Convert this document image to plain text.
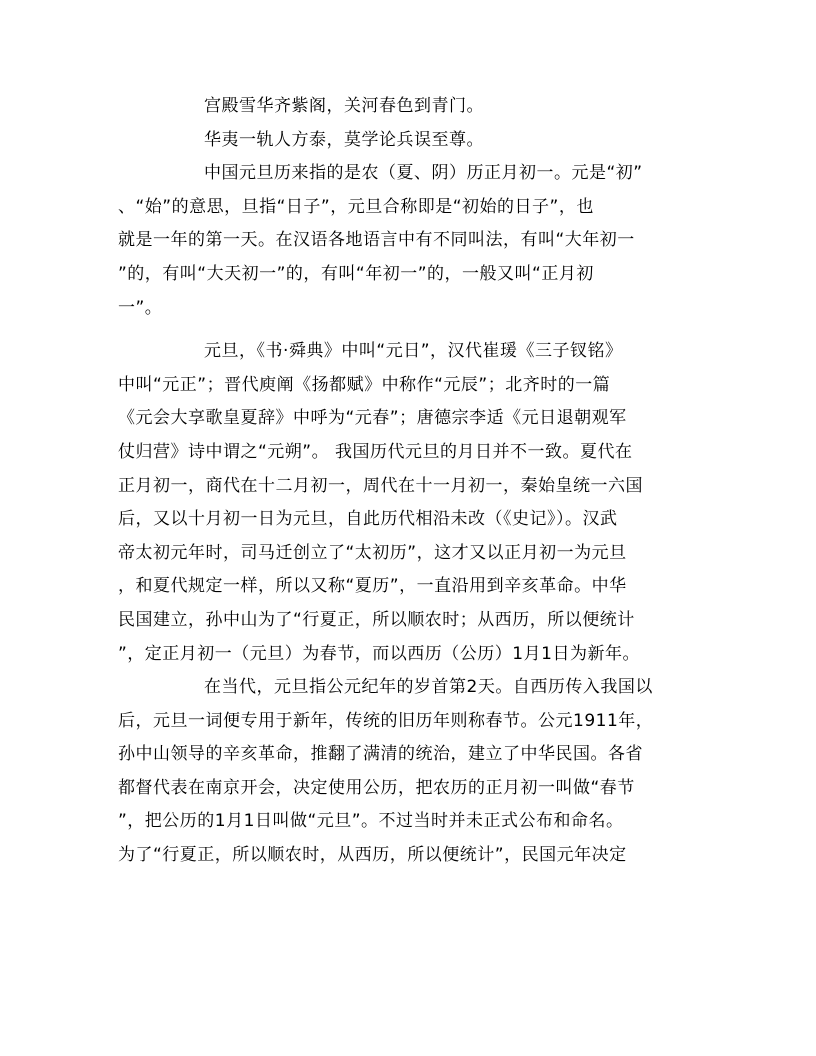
宫殿雪华齐紫阁，关河春色到青门。
华夷一轨人方泰，莫学论兵误至尊。
中国元旦历来指的是农（夏、阴）历正月初一。元是“初”
、“始”的意思，旦指“日子”，元旦合称即是“初始的日子”，也
就是一年的第一天。在汉语各地语言中有不同叫法，有叫“大年初一
”的，有叫“大天初一”的，有叫“年初一”的，一般又叫“正月初
一”。
元旦，《书·舜典》中叫“元日”，汉代崔瑗《三子钗铭》
中叫“元正”；晋代庾阐《扬都赋》中称作“元辰”；北齐时的一篇
《元会大享歌皇夏辞》中呼为“元春”；唐德宗李适《元日退朝观军
仗归营》诗中谓之“元朔”。 我国历代元旦的月日并不一致。夏代在
正月初一，商代在十二月初一，周代在十一月初一，秦始皇统一六国
后，又以十月初一日为元旦，自此历代相沿未改（《史记》）。汉武
帝太初元年时，司马迁创立了“太初历”，这才又以正月初一为元旦
，和夏代规定一样，所以又称“夏历”，一直沿用到辛亥革命。中华
民国建立，孙中山为了“行夏正，所以顺农时；从西历，所以便统计
”，定正月初一（元旦）为春节，而以西历（公历）1月1日为新年。
在当代，元旦指公元纪年的岁首第2天。自西历传入我国以
后，元旦一词便专用于新年，传统的旧历年则称春节。公元1911年，
孙中山领导的辛亥革命，推翻了满清的统治，建立了中华民国。各省
都督代表在南京开会，决定使用公历，把农历的正月初一叫做“春节
”，把公历的1月1日叫做“元旦”。不过当时并未正式公布和命名。
为了“行夏正，所以顺农时，从西历，所以便统计”，民国元年决定
